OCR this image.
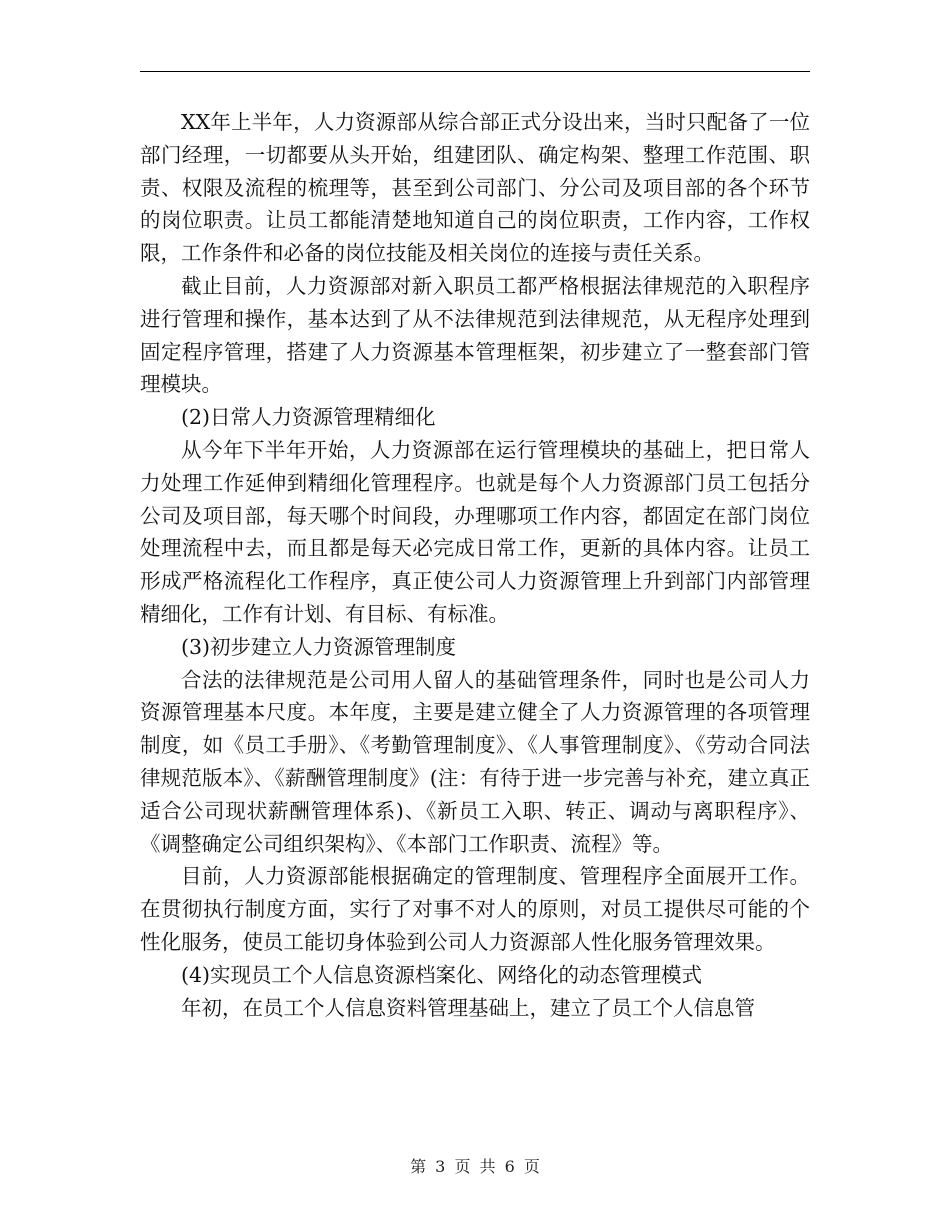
XX年上半年，人力资源部从综合部正式分设出来，当时只配备了一位部门经理，一切都要从头开始，组建团队、确定构架、整理工作范围、职责、权限及流程的梳理等，甚至到公司部门、分公司及项目部的各个环节的岗位职责。让员工都能清楚地知道自己的岗位职责，工作内容，工作权限，工作条件和必备的岗位技能及相关岗位的连接与责任关系。

截止目前，人力资源部对新入职员工都严格根据法律规范的入职程序进行管理和操作，基本达到了从不法律规范到法律规范，从无程序处理到固定程序管理，搭建了人力资源基本管理框架，初步建立了一整套部门管理模块。

(2)日常人力资源管理精细化

从今年下半年开始，人力资源部在运行管理模块的基础上，把日常人力处理工作延伸到精细化管理程序。也就是每个人力资源部门员工包括分公司及项目部，每天哪个时间段，办理哪项工作内容，都固定在部门岗位处理流程中去，而且都是每天必完成日常工作，更新的具体内容。让员工形成严格流程化工作程序，真正使公司人力资源管理上升到部门内部管理精细化，工作有计划、有目标、有标准。

(3)初步建立人力资源管理制度

合法的法律规范是公司用人留人的基础管理条件，同时也是公司人力资源管理基本尺度。本年度，主要是建立健全了人力资源管理的各项管理制度，如《员工手册》、《考勤管理制度》、《人事管理制度》、《劳动合同法律规范版本》、《薪酬管理制度》(注：有待于进一步完善与补充，建立真正适合公司现状薪酬管理体系)、《新员工入职、转正、调动与离职程序》、《调整确定公司组织架构》、《本部门工作职责、流程》等。

目前，人力资源部能根据确定的管理制度、管理程序全面展开工作。在贯彻执行制度方面，实行了对事不对人的原则，对员工提供尽可能的个性化服务，使员工能切身体验到公司人力资源部人性化服务管理效果。

(4)实现员工个人信息资源档案化、网络化的动态管理模式

年初，在员工个人信息资料管理基础上，建立了员工个人信息管

第 3 页 共 6 页
